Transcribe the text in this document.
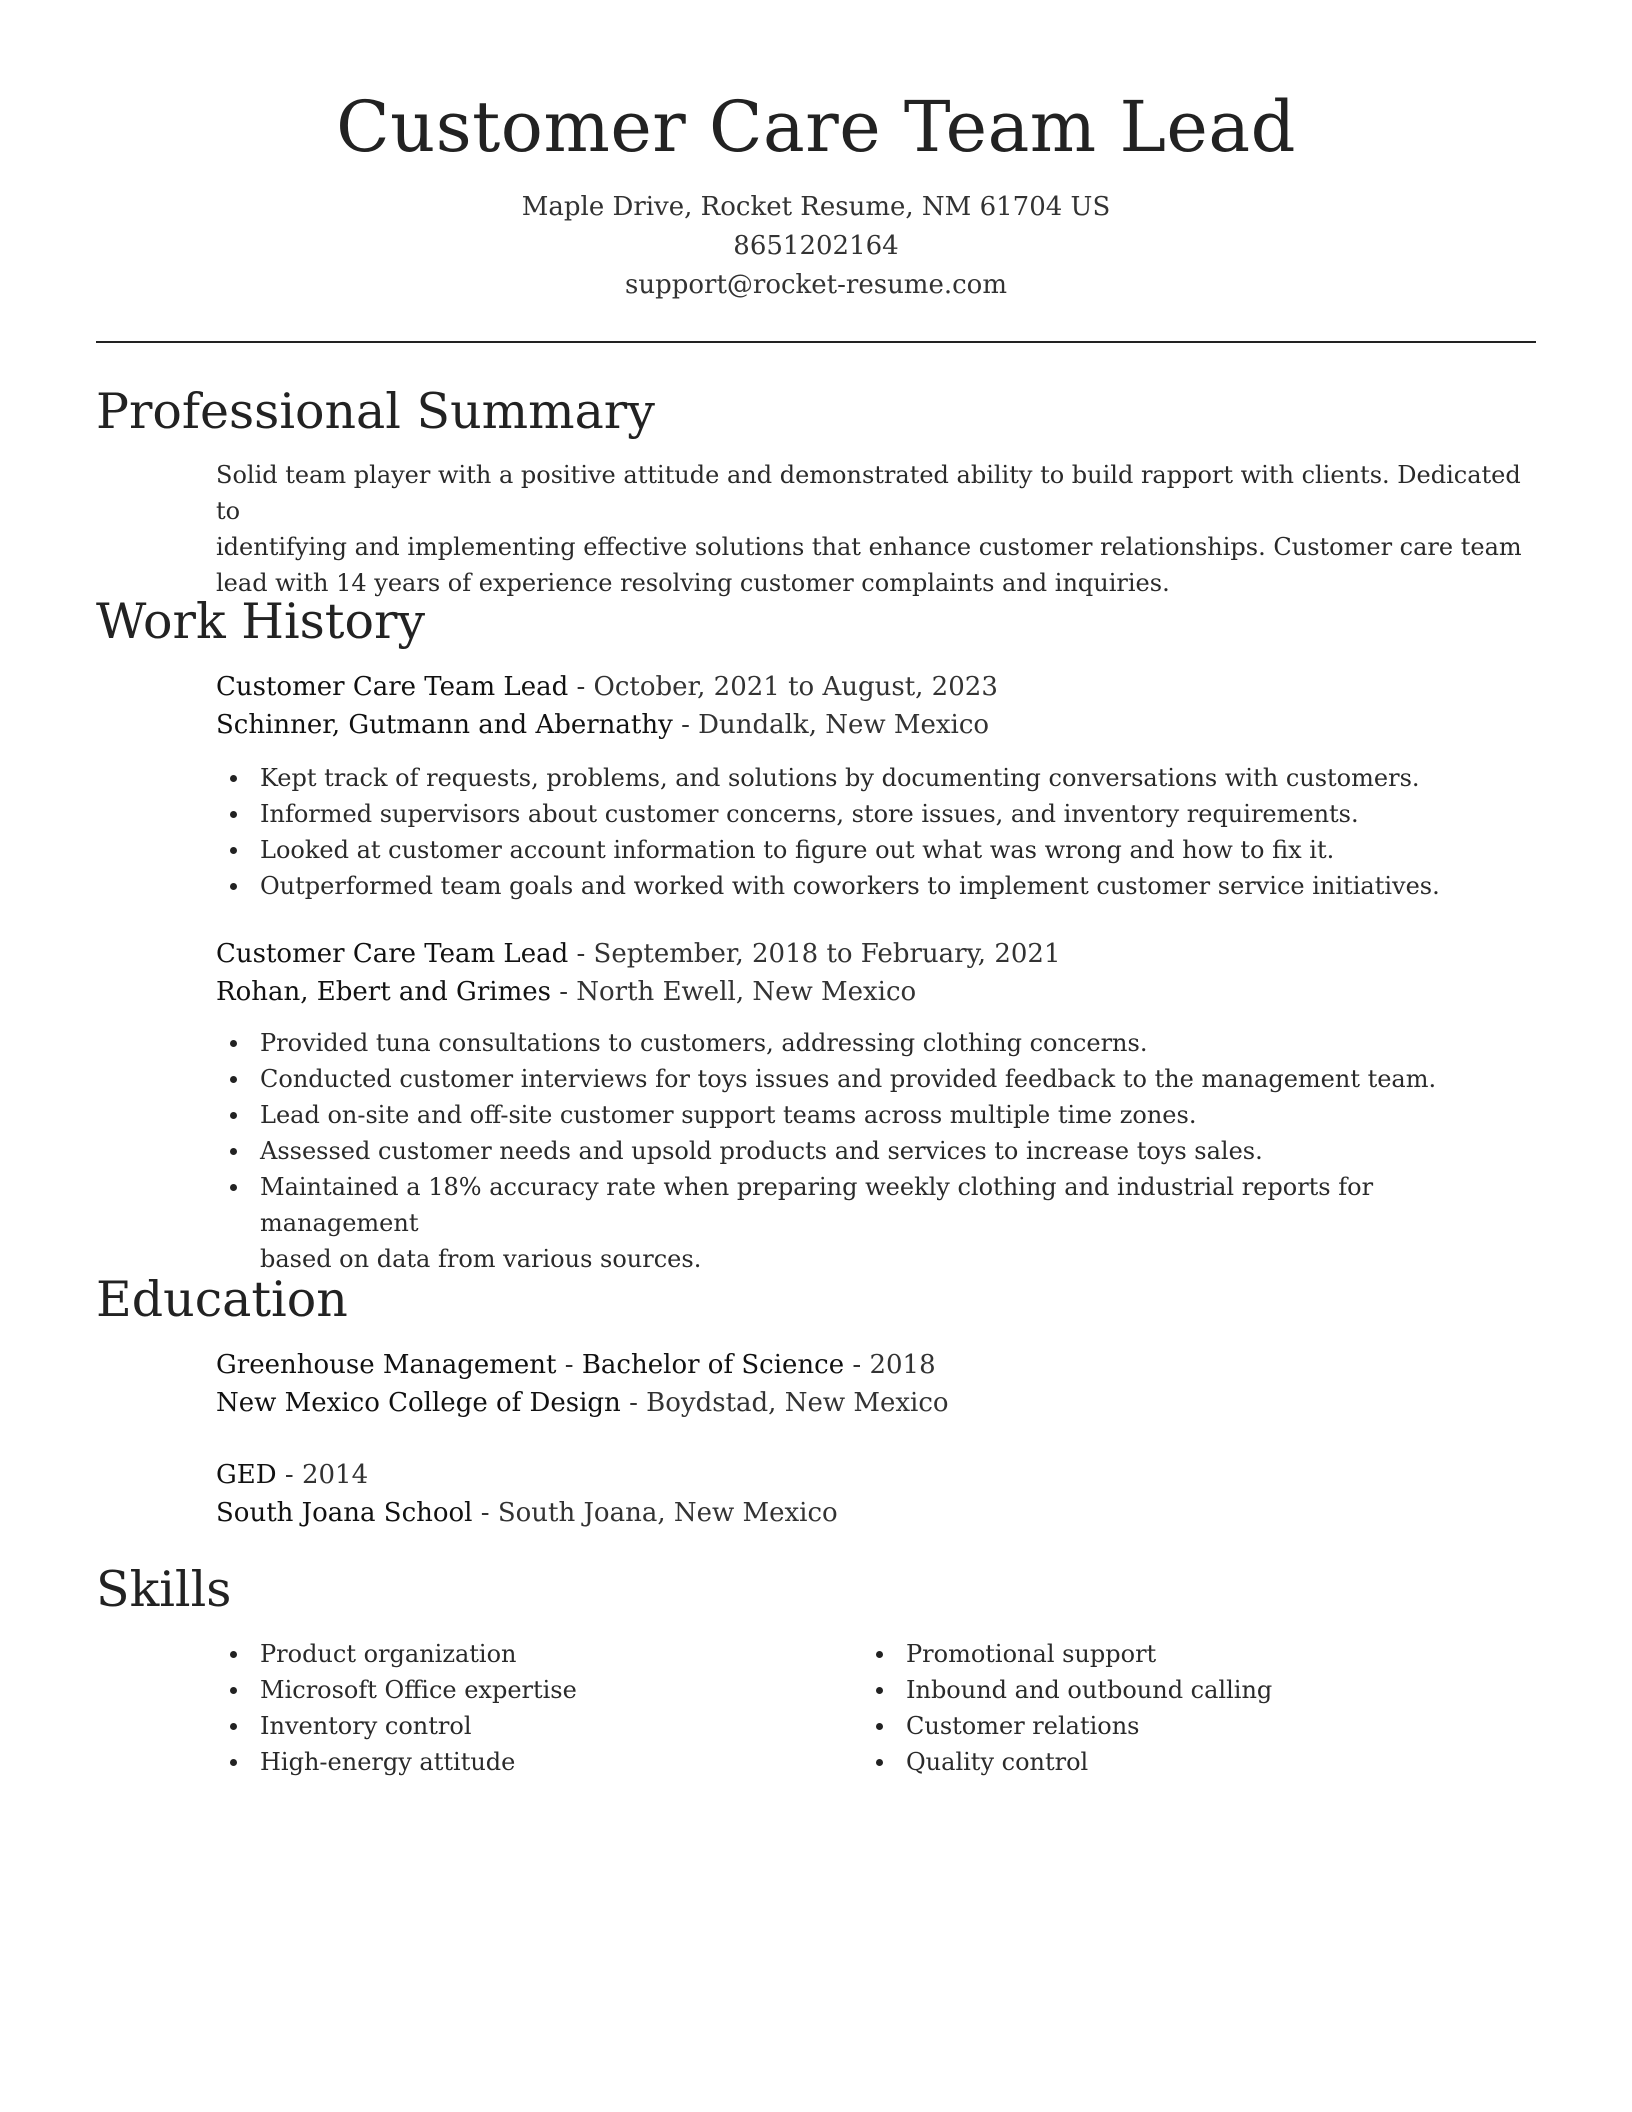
Customer Care Team Lead
Maple Drive, Rocket Resume, NM 61704 US
8651202164
support@rocket-resume.com
Professional Summary
Solid team player with a positive attitude and demonstrated ability to build rapport with clients. Dedicated to
identifying and implementing effective solutions that enhance customer relationships. Customer care team
lead with 14 years of experience resolving customer complaints and inquiries.
Work History
Customer Care Team Lead - October, 2021 to August, 2023
Schinner, Gutmann and Abernathy - Dundalk, New Mexico
Kept track of requests, problems, and solutions by documenting conversations with customers.
Informed supervisors about customer concerns, store issues, and inventory requirements.
Looked at customer account information to figure out what was wrong and how to fix it.
Outperformed team goals and worked with coworkers to implement customer service initiatives.
Customer Care Team Lead - September, 2018 to February, 2021
Rohan, Ebert and Grimes - North Ewell, New Mexico
Provided tuna consultations to customers, addressing clothing concerns.
Conducted customer interviews for toys issues and provided feedback to the management team.
Lead on-site and off-site customer support teams across multiple time zones.
Assessed customer needs and upsold products and services to increase toys sales.
Maintained a 18% accuracy rate when preparing weekly clothing and industrial reports for management
based on data from various sources.
Education
Greenhouse Management - Bachelor of Science - 2018
New Mexico College of Design - Boydstad, New Mexico
GED - 2014
South Joana School - South Joana, New Mexico
Skills
Product organization
Microsoft Office expertise
Inventory control
High-energy attitude
Promotional support
Inbound and outbound calling
Customer relations
Quality control
